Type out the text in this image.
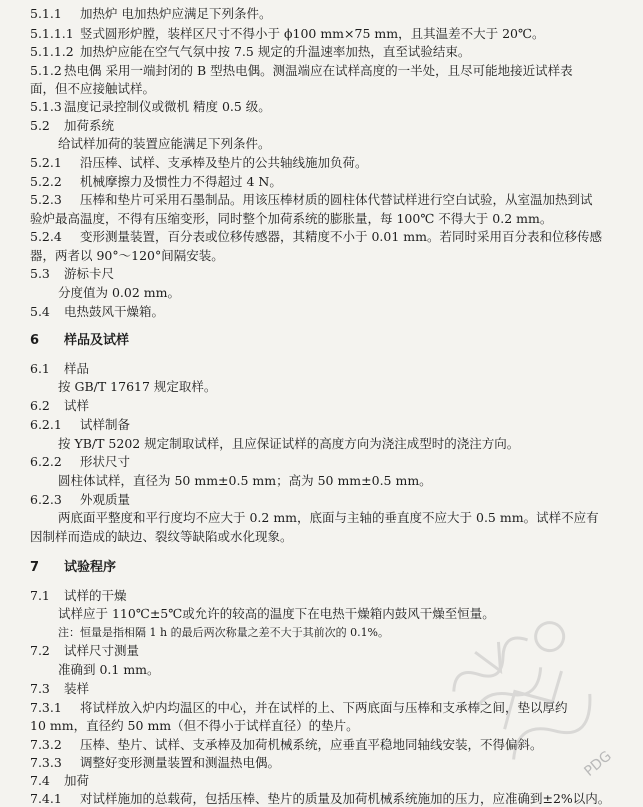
5.1.1 加热炉 电加热炉应满足下列条件。
5.1.1.1 竖式圆形炉膛，装样区尺寸不得小于 ϕ100 mm×75 mm，且其温差不大于 20℃。
5.1.1.2 加热炉应能在空气气氛中按 7.5 规定的升温速率加热，直至试验结束。
5.1.2 热电偶 采用一端封闭的 B 型热电偶。测温端应在试样高度的一半处，且尽可能地接近试样表
面，但不应接触试样。
5.1.3 温度记录控制仪或微机 精度 0.5 级。
5.2 加荷系统
给试样加荷的装置应能满足下列条件。
5.2.1 沿压棒、试样、支承棒及垫片的公共轴线施加负荷。
5.2.2 机械摩擦力及惯性力不得超过 4 N。
5.2.3 压棒和垫片可采用石墨制品。用该压棒材质的圆柱体代替试样进行空白试验，从室温加热到试
验炉最高温度，不得有压缩变形，同时整个加荷系统的膨胀量，每 100℃ 不得大于 0.2 mm。
5.2.4 变形测量装置，百分表或位移传感器，其精度不小于 0.01 mm。若同时采用百分表和位移传感
器，两者以 90°～120°间隔安装。
5.3 游标卡尺
分度值为 0.02 mm。
5.4 电热鼓风干燥箱。
6 样品及试样
6.1 样品
按 GB/T 17617 规定取样。
6.2 试样
6.2.1 试样制备
按 YB/T 5202 规定制取试样，且应保证试样的高度方向为浇注成型时的浇注方向。
6.2.2 形状尺寸
圆柱体试样，直径为 50 mm±0.5 mm；高为 50 mm±0.5 mm。
6.2.3 外观质量
两底面平整度和平行度均不应大于 0.2 mm，底面与主轴的垂直度不应大于 0.5 mm。试样不应有
因制样而造成的缺边、裂纹等缺陷或水化现象。
7 试验程序
7.1 试样的干燥
试样应于 110℃±5℃或允许的较高的温度下在电热干燥箱内鼓风干燥至恒量。
注：恒量是指相隔 1 h 的最后两次称量之差不大于其前次的 0.1%。
7.2 试样尺寸测量
准确到 0.1 mm。
7.3 装样
7.3.1 将试样放入炉内均温区的中心，并在试样的上、下两底面与压棒和支承棒之间，垫以厚约
10 mm，直径约 50 mm（但不得小于试样直径）的垫片。
7.3.2 压棒、垫片、试样、支承棒及加荷机械系统，应垂直平稳地同轴线安装，不得偏斜。
7.3.3 调整好变形测量装置和测温热电偶。
7.4 加荷
7.4.1 对试样施加的总载荷，包括压棒、垫片的质量及加荷机械系统施加的压力，应准确到±2%以内。
PDG
